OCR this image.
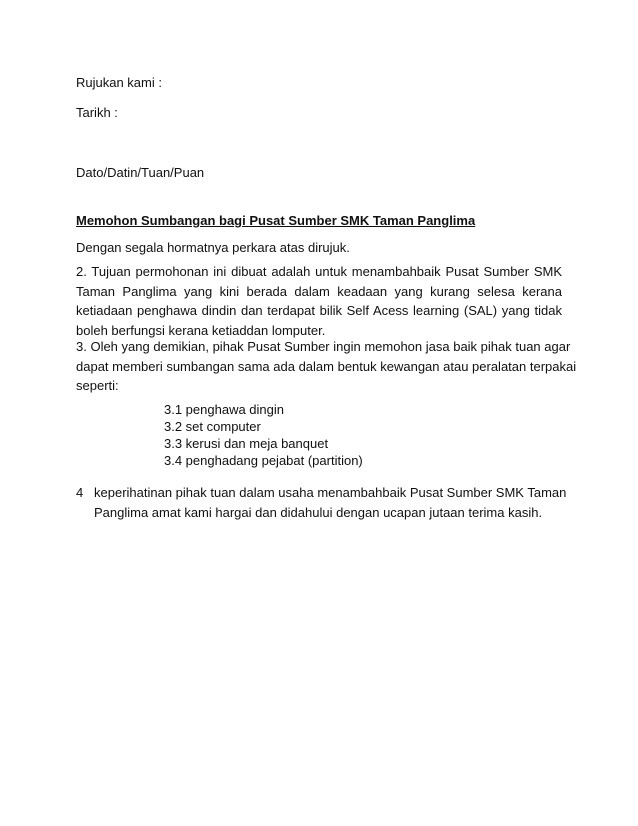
Rujukan kami :
Tarikh :
Dato/Datin/Tuan/Puan
Memohon Sumbangan bagi Pusat Sumber SMK Taman Panglima
Dengan segala hormatnya perkara atas dirujuk.
2. Tujuan permohonan ini dibuat adalah untuk menambahbaik Pusat Sumber SMK
Taman Panglima yang kini berada dalam keadaan yang kurang selesa kerana
ketiadaan penghawa dindin dan terdapat bilik Self Acess learning (SAL) yang tidak
boleh berfungsi kerana ketiaddan lomputer.
3. Oleh yang demikian, pihak Pusat Sumber ingin memohon jasa baik pihak tuan agar
dapat memberi sumbangan sama ada dalam bentuk kewangan atau peralatan terpakai
seperti:
3.1 penghawa dingin
3.2 set computer
3.3 kerusi dan meja banquet
3.4 penghadang pejabat (partition)
4 keperihatinan pihak tuan dalam usaha menambahbaik Pusat Sumber SMK Taman
Panglima amat kami hargai dan didahului dengan ucapan jutaan terima kasih.
